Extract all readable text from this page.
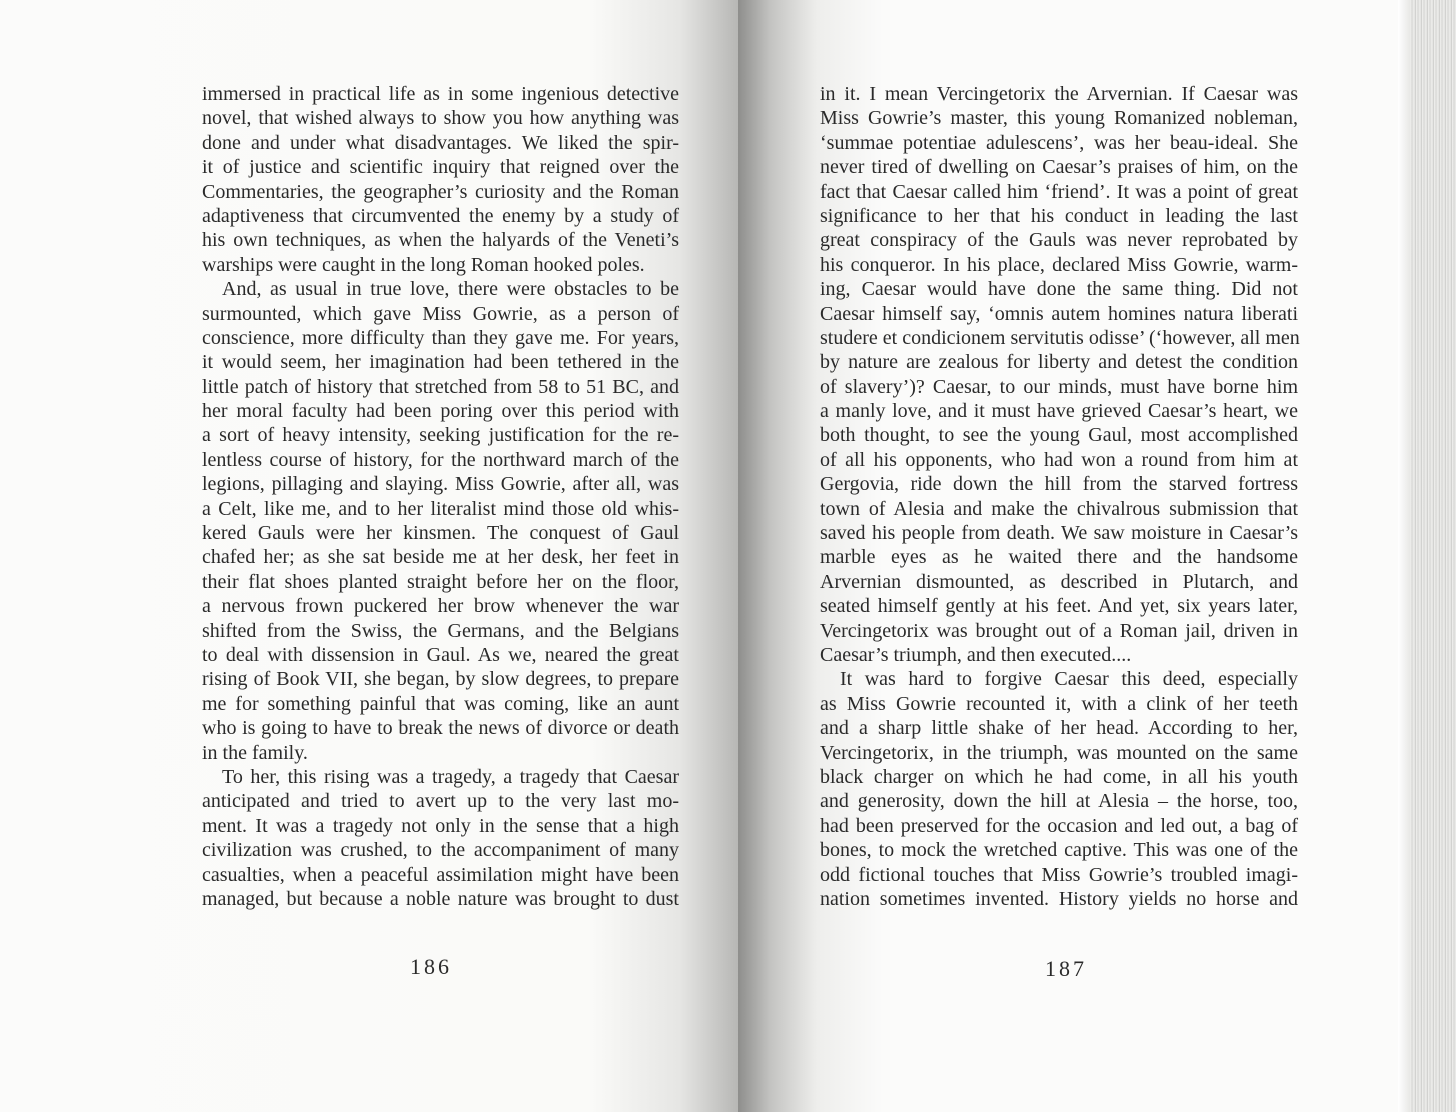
immersed in practical life as in some ingenious detective
novel, that wished always to show you how anything was
done and under what disadvantages. We liked the spir-
it of justice and scientific inquiry that reigned over the
Commentaries, the geographer’s curiosity and the Roman
adaptiveness that circumvented the enemy by a study of
his own techniques, as when the halyards of the Veneti’s
warships were caught in the long Roman hooked poles.
And, as usual in true love, there were obstacles to be
surmounted, which gave Miss Gowrie, as a person of
conscience, more difficulty than they gave me. For years,
it would seem, her imagination had been tethered in the
little patch of history that stretched from 58 to 51 BC, and
her moral faculty had been poring over this period with
a sort of heavy intensity, seeking justification for the re-
lentless course of history, for the northward march of the
legions, pillaging and slaying. Miss Gowrie, after all, was
a Celt, like me, and to her literalist mind those old whis-
kered Gauls were her kinsmen. The conquest of Gaul
chafed her; as she sat beside me at her desk, her feet in
their flat shoes planted straight before her on the floor,
a nervous frown puckered her brow whenever the war
shifted from the Swiss, the Germans, and the Belgians
to deal with dissension in Gaul. As we, neared the great
rising of Book VII, she began, by slow degrees, to prepare
me for something painful that was coming, like an aunt
who is going to have to break the news of divorce or death
in the family.
To her, this rising was a tragedy, a tragedy that Caesar
anticipated and tried to avert up to the very last mo-
ment. It was a tragedy not only in the sense that a high
civilization was crushed, to the accompaniment of many
casualties, when a peaceful assimilation might have been
managed, but because a noble nature was brought to dust
in it. I mean Vercingetorix the Arvernian. If Caesar was
Miss Gowrie’s master, this young Romanized nobleman,
‘summae potentiae adulescens’, was her beau-ideal. She
never tired of dwelling on Caesar’s praises of him, on the
fact that Caesar called him ‘friend’. It was a point of great
significance to her that his conduct in leading the last
great conspiracy of the Gauls was never reprobated by
his conqueror. In his place, declared Miss Gowrie, warm-
ing, Caesar would have done the same thing. Did not
Caesar himself say, ‘omnis autem homines natura liberati
studere et condicionem servitutis odisse’ (‘however, all men
by nature are zealous for liberty and detest the condition
of slavery’)? Caesar, to our minds, must have borne him
a manly love, and it must have grieved Caesar’s heart, we
both thought, to see the young Gaul, most accomplished
of all his opponents, who had won a round from him at
Gergovia, ride down the hill from the starved fortress
town of Alesia and make the chivalrous submission that
saved his people from death. We saw moisture in Caesar’s
marble eyes as he waited there and the handsome
Arvernian dismounted, as described in Plutarch, and
seated himself gently at his feet. And yet, six years later,
Vercingetorix was brought out of a Roman jail, driven in
Caesar’s triumph, and then executed....
It was hard to forgive Caesar this deed, especially
as Miss Gowrie recounted it, with a clink of her teeth
and a sharp little shake of her head. According to her,
Vercingetorix, in the triumph, was mounted on the same
black charger on which he had come, in all his youth
and generosity, down the hill at Alesia – the horse, too,
had been preserved for the occasion and led out, a bag of
bones, to mock the wretched captive. This was one of the
odd fictional touches that Miss Gowrie’s troubled imagi-
nation sometimes invented. History yields no horse and
186	187
